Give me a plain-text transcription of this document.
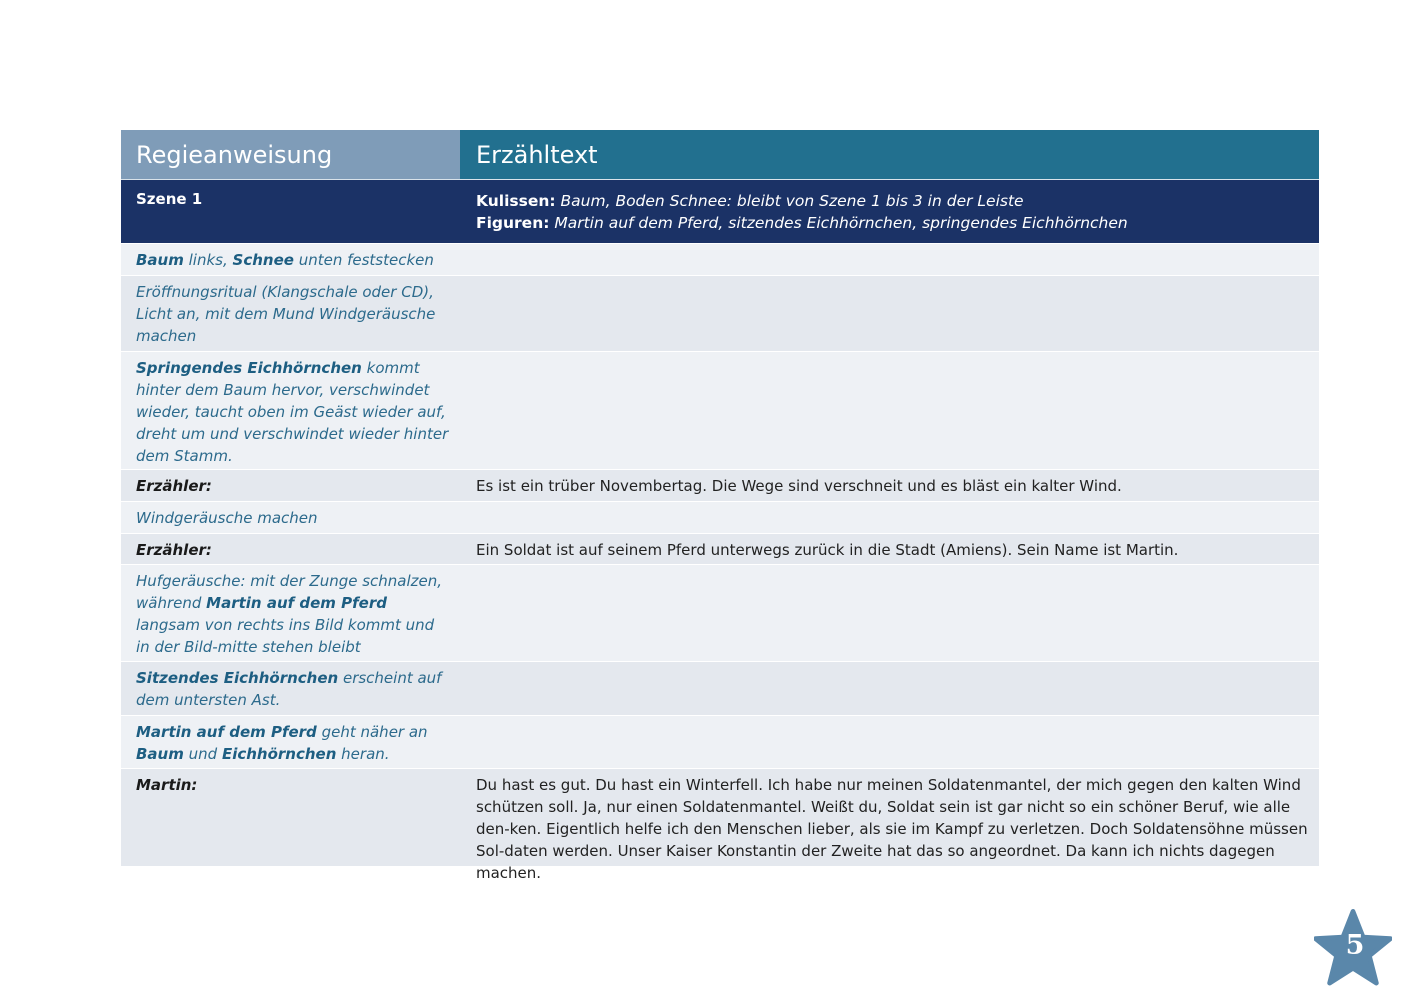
Regieanweisung	Erzähltext
Szene 1	Kulissen: Baum, Boden Schnee: bleibt von Szene 1 bis 3 in der Leiste
Figuren: Martin auf dem Pferd, sitzendes Eichhörnchen, springendes Eichhörnchen
Baum links, Schnee unten feststecken
Eröffnungsritual (Klangschale oder CD), Licht an, mit dem Mund Windgeräusche machen
Springendes Eichhörnchen kommt hinter dem Baum hervor, verschwindet wieder, taucht oben im Geäst wieder auf, dreht um und verschwindet wieder hinter dem Stamm.
Erzähler:	Es ist ein trüber Novembertag. Die Wege sind verschneit und es bläst ein kalter Wind.
Windgeräusche machen
Erzähler:	Ein Soldat ist auf seinem Pferd unterwegs zurück in die Stadt (Amiens). Sein Name ist Martin.
Hufgeräusche: mit der Zunge schnalzen, während Martin auf dem Pferd langsam von rechts ins Bild kommt und in der Bild-mitte stehen bleibt
Sitzendes Eichhörnchen erscheint auf dem untersten Ast.
Martin auf dem Pferd geht näher an Baum und Eichhörnchen heran.
Martin:	Du hast es gut. Du hast ein Winterfell. Ich habe nur meinen Soldatenmantel, der mich gegen den kalten Wind schützen soll. Ja, nur einen Soldatenmantel. Weißt du, Soldat sein ist gar nicht so ein schöner Beruf, wie alle den-ken. Eigentlich helfe ich den Menschen lieber, als sie im Kampf zu verletzen. Doch Soldatensöhne müssen Sol-daten werden. Unser Kaiser Konstantin der Zweite hat das so angeordnet. Da kann ich nichts dagegen machen.
5
